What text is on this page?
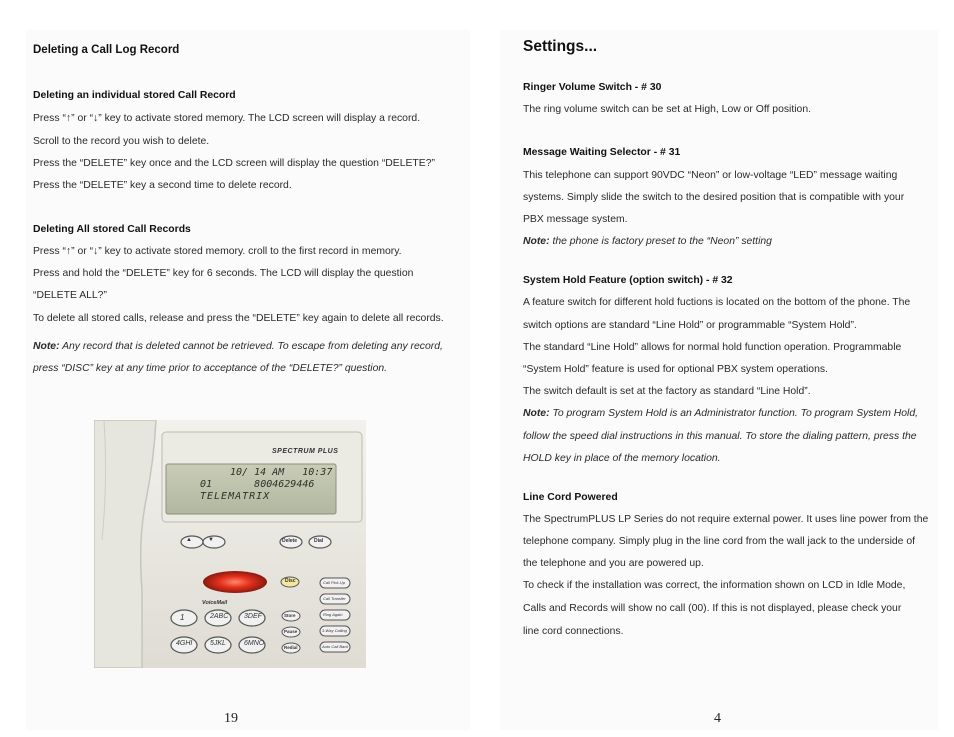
Deleting a Call Log Record
Deleting an individual stored Call Record
Press “↑” or “↓” key to activate stored memory. The LCD screen will display a record.
Scroll to the record you wish to delete.
Press the “DELETE” key once and the LCD screen will display the question “DELETE?”
Press the “DELETE” key a second time to delete record.
Deleting All stored Call Records
Press “↑” or “↓” key to activate stored memory. croll to the first record in memory.
Press and hold the “DELETE” key for 6 seconds. The LCD will display the question
“DELETE ALL?”
To delete all stored calls, release and press the “DELETE” key again to delete all records.
Note: Any record that is deleted cannot be retrieved. To escape from deleting any record,
press “DISC” key at any time prior to acceptance of the “DELETE?” question.
SPECTRUM PLUS
10/ 14 AM   10:37
01       8004629446
TELEMATRIX
▲	▼	Delete	Dial
Disc
VoiceMail
1	2ABC 3DEF
4GHI	5JKL	6MNO
Store
Pause
Redial
Call Pick-Up
Call Transfer
Ring Again
3-Way Calling
Auto Call Back
19
Settings...
Ringer Volume Switch - # 30
The ring volume switch can be set at High, Low or Off position.
Message Waiting Selector - # 31
This telephone can support 90VDC “Neon” or low-voltage “LED” message waiting
systems. Simply slide the switch to the desired position that is compatible with your
PBX message system.
Note: the phone is factory preset to the “Neon” setting
System Hold Feature (option switch) - # 32
A feature switch for different hold fuctions is located on the bottom of the phone. The
switch options are standard “Line Hold” or programmable “System Hold”.
The standard “Line Hold” allows for normal hold function operation. Programmable
“System Hold” feature is used for optional PBX system operations.
The switch default is set at the factory as standard “Line Hold”.
Note: To program System Hold is an Administrator function. To program System Hold,
follow the speed dial instructions in this manual. To store the dialing pattern, press the
HOLD key in place of the memory location.
Line Cord Powered
The SpectrumPLUS LP Series do not require external power. It uses line power from the
telephone company. Simply plug in the line cord from the wall jack to the underside of
the telephone and you are powered up.
To check if the installation was correct, the information shown on LCD in Idle Mode,
Calls and Records will show no call (00). If this is not displayed, please check your
line cord connections.
4
